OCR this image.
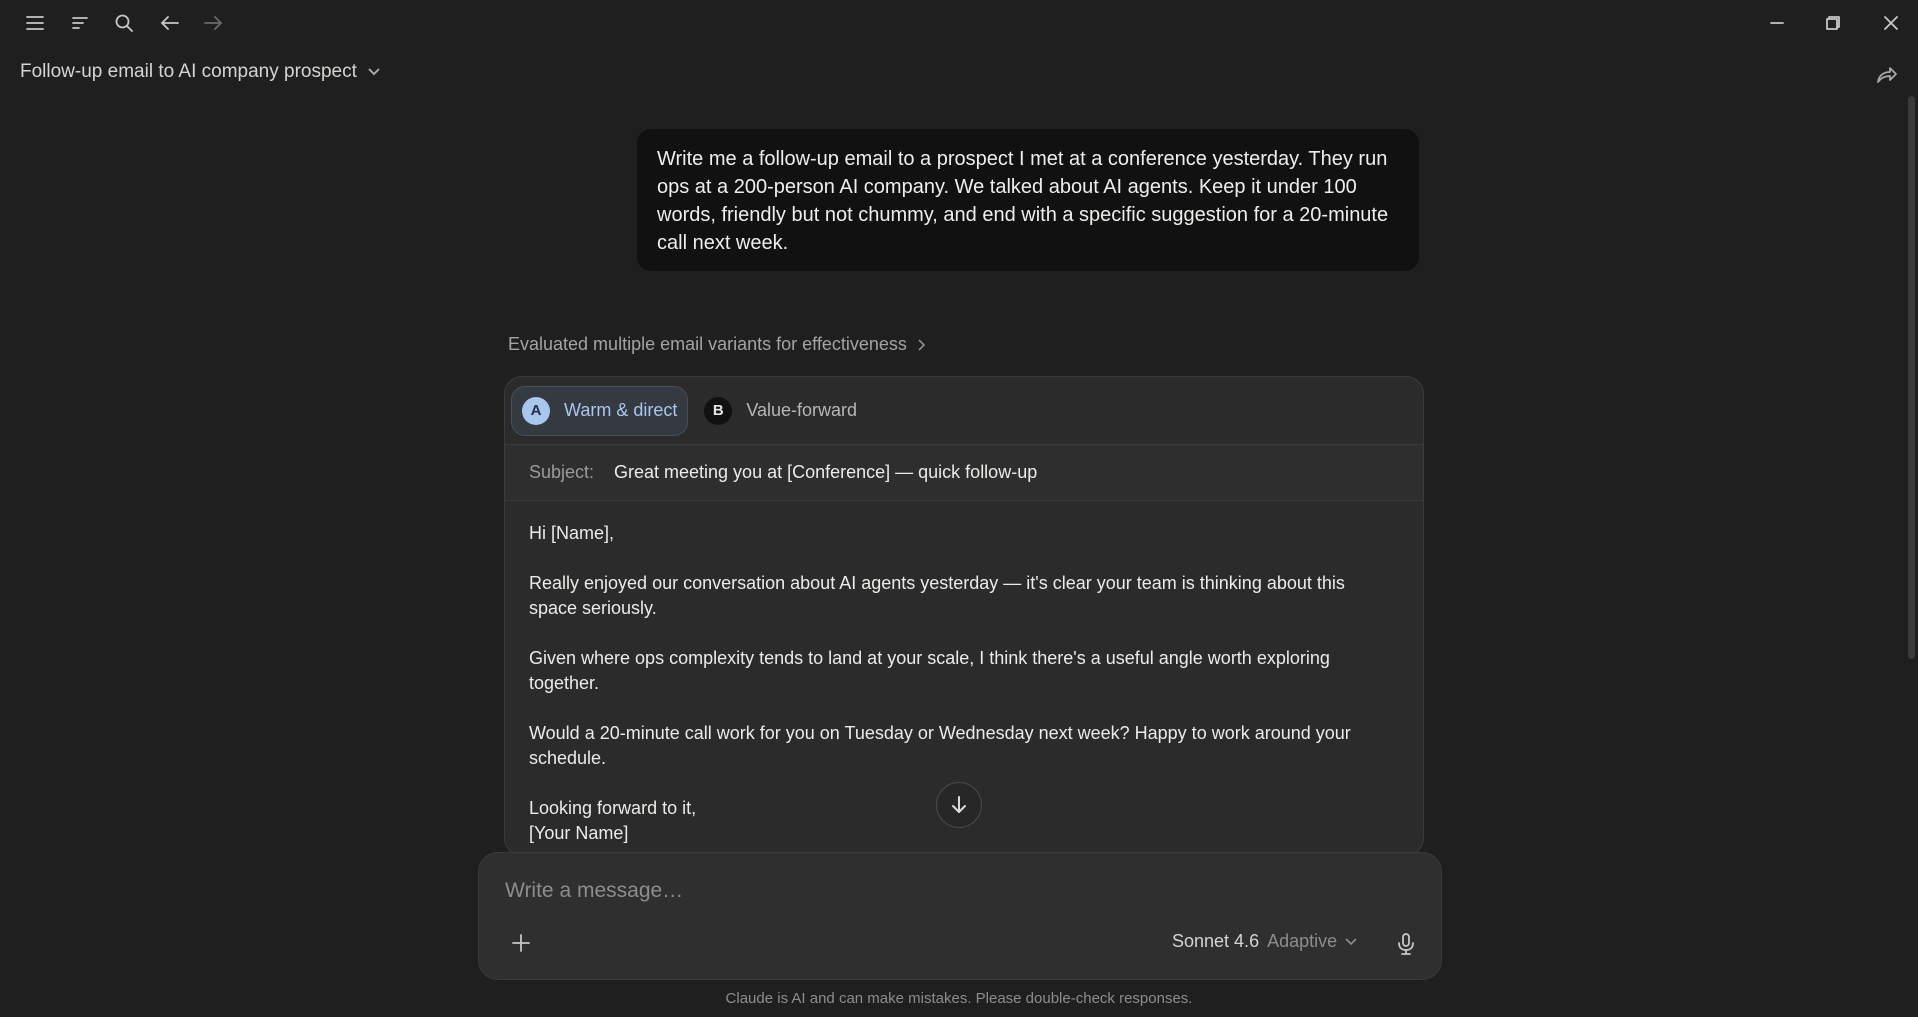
Follow-up email to AI company prospect
Write me a follow-up email to a prospect I met at a conference yesterday. They run ops at a 200-person AI company. We talked about AI agents. Keep it under 100 words, friendly but not chummy, and end with a specific suggestion for a 20-minute call next week.
Evaluated multiple email variants for effectiveness
A	Warm & direct	B	Value-forward
Subject:	Great meeting you at [Conference] — quick follow-up

Hi [Name],

Really enjoyed our conversation about AI agents yesterday — it's clear your team is thinking about this space seriously.

Given where ops complexity tends to land at your scale, I think there's a useful angle worth exploring together.

Would a 20-minute call work for you on Tuesday or Wednesday next week? Happy to work around your schedule.

Looking forward to it,
[Your Name]
Write a message…
Sonnet 4.6 Adaptive
Claude is AI and can make mistakes. Please double-check responses.
